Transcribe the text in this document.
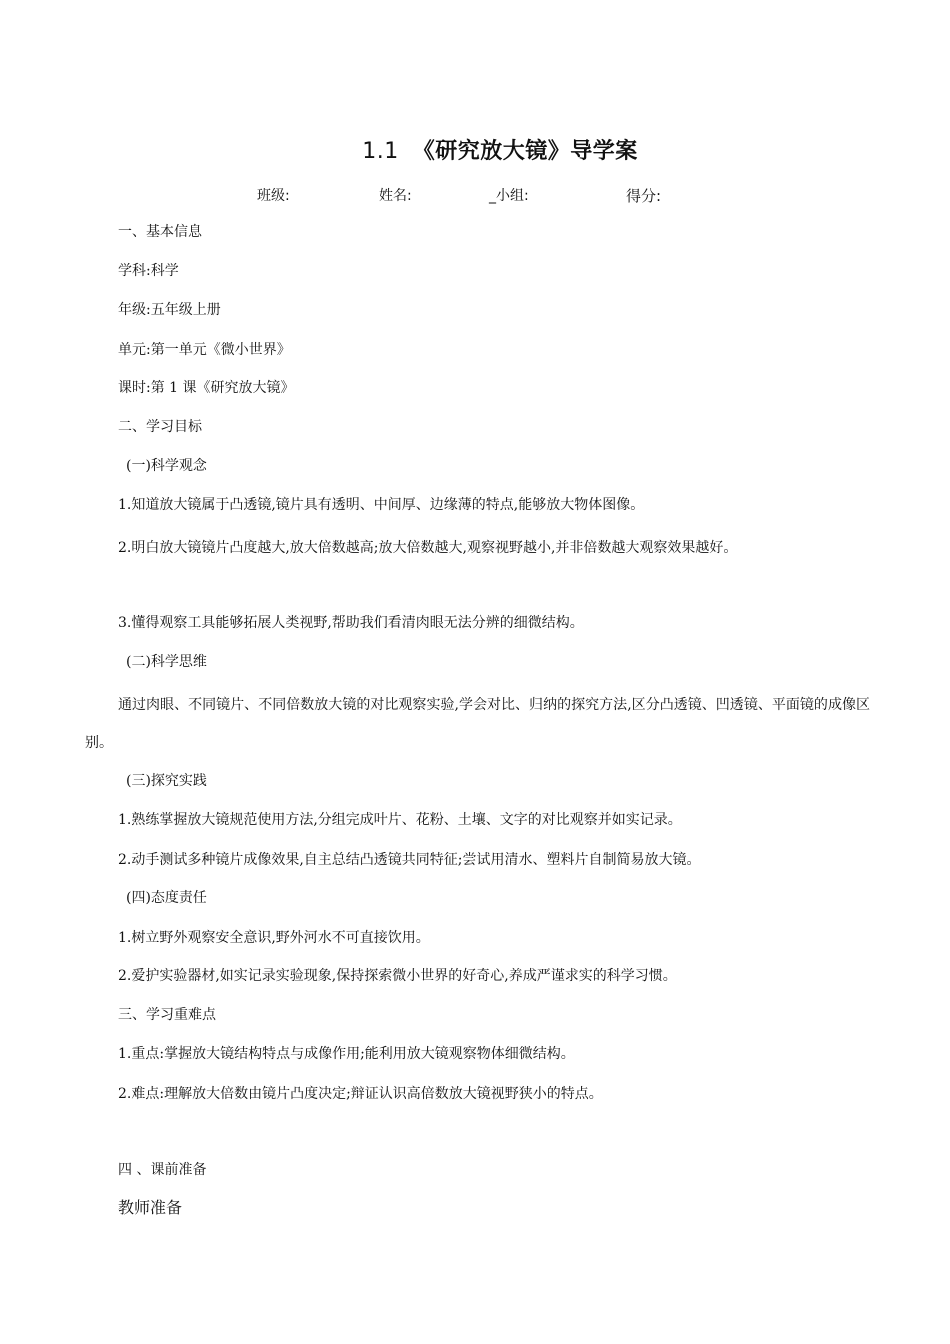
1.1 《研究放大镜》导学案
班级:	姓名:	_小组:	得分:
一、基本信息
学科:科学
年级:五年级上册
单元:第一单元《微小世界》
课时:第 1 课《研究放大镜》
二、学习目标
(一)科学观念
1.知道放大镜属于凸透镜,镜片具有透明、中间厚、边缘薄的特点,能够放大物体图像。
2.明白放大镜镜片凸度越大,放大倍数越高;放大倍数越大,观察视野越小,并非倍数越大观察效果越好。
3.懂得观察工具能够拓展人类视野,帮助我们看清肉眼无法分辨的细微结构。
(二)科学思维
通过肉眼、不同镜片、不同倍数放大镜的对比观察实验,学会对比、归纳的探究方法,区分凸透镜、凹透镜、平面镜的成像区别。
(三)探究实践
1.熟练掌握放大镜规范使用方法,分组完成叶片、花粉、土壤、文字的对比观察并如实记录。
2.动手测试多种镜片成像效果,自主总结凸透镜共同特征;尝试用清水、塑料片自制简易放大镜。
(四)态度责任
1.树立野外观察安全意识,野外河水不可直接饮用。
2.爱护实验器材,如实记录实验现象,保持探索微小世界的好奇心,养成严谨求实的科学习惯。
三、学习重难点
1.重点:掌握放大镜结构特点与成像作用;能利用放大镜观察物体细微结构。
2.难点:理解放大倍数由镜片凸度决定;辩证认识高倍数放大镜视野狭小的特点。
四 、课前准备
教师准备
